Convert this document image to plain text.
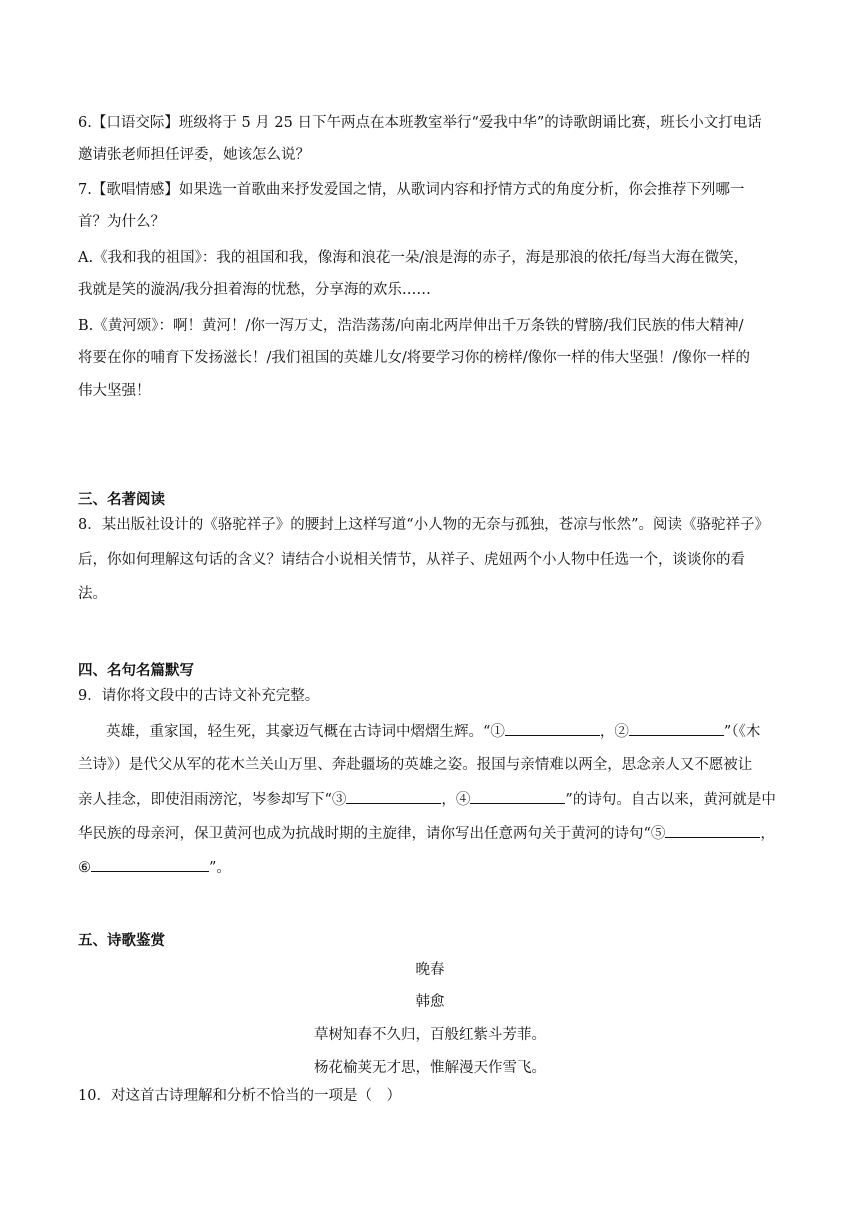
6.【口语交际】班级将于 5 月 25 日下午两点在本班教室举行“爱我中华”的诗歌朗诵比赛，班长小文打电话
邀请张老师担任评委，她该怎么说？
7.【歌唱情感】如果选一首歌曲来抒发爱国之情，从歌词内容和抒情方式的角度分析，你会推荐下列哪一
首？为什么？
A.《我和我的祖国》：我的祖国和我，像海和浪花一朵/浪是海的赤子，海是那浪的依托/每当大海在微笑，
我就是笑的漩涡/我分担着海的忧愁，分享海的欢乐……
B.《黄河颂》：啊！黄河！/你一泻万丈，浩浩荡荡/向南北两岸伸出千万条铁的臂膀/我们民族的伟大精神/
将要在你的哺育下发扬滋长！/我们祖国的英雄儿女/将要学习你的榜样/像你一样的伟大坚强！/像你一样的
伟大坚强！
三、名著阅读
8．某出版社设计的《骆驼祥子》的腰封上这样写道“小人物的无奈与孤独，苍凉与怅然”。阅读《骆驼祥子》
后，你如何理解这句话的含义？请结合小说相关情节，从祥子、虎妞两个小人物中任选一个，谈谈你的看
法。
四、名句名篇默写
9．请你将文段中的古诗文补充完整。
英雄，重家国，轻生死，其豪迈气概在古诗词中熠熠生辉。“①	，②	”（《木
兰诗》）是代父从军的花木兰关山万里、奔赴疆场的英雄之姿。报国与亲情难以两全，思念亲人又不愿被让
亲人挂念，即使泪雨滂沱，岑参却写下“③	，④	”的诗句。自古以来，黄河就是中
华民族的母亲河，保卫黄河也成为抗战时期的主旋律，请你写出任意两句关于黄河的诗句“⑤	，
⑥	”。
五、诗歌鉴赏
晚春
韩愈
草树知春不久归，百般红紫斗芳菲。
杨花榆荚无才思，惟解漫天作雪飞。
10．对这首古诗理解和分析不恰当的一项是（　）
